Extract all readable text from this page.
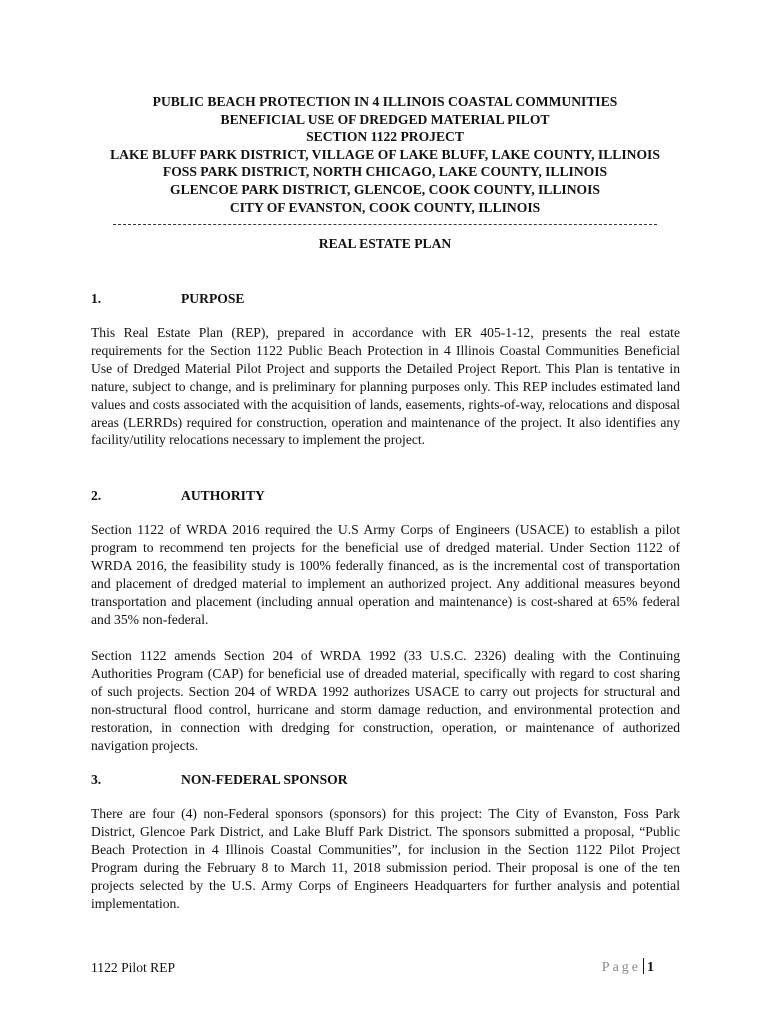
PUBLIC BEACH PROTECTION IN 4 ILLINOIS COASTAL COMMUNITIES
BENEFICIAL USE OF DREDGED MATERIAL PILOT
SECTION 1122 PROJECT
LAKE BLUFF PARK DISTRICT, VILLAGE OF LAKE BLUFF, LAKE COUNTY, ILLINOIS
FOSS PARK DISTRICT, NORTH CHICAGO, LAKE COUNTY, ILLINOIS
GLENCOE PARK DISTRICT, GLENCOE, COOK COUNTY, ILLINOIS
CITY OF EVANSTON, COOK COUNTY, ILLINOIS
REAL ESTATE PLAN
1.	PURPOSE
This Real Estate Plan (REP), prepared in accordance with ER 405-1-12, presents the real estate requirements for the Section 1122 Public Beach Protection in 4 Illinois Coastal Communities Beneficial Use of Dredged Material Pilot Project and supports the Detailed Project Report. This Plan is tentative in nature, subject to change, and is preliminary for planning purposes only. This REP includes estimated land values and costs associated with the acquisition of lands, easements, rights-of-way, relocations and disposal areas (LERRDs) required for construction, operation and maintenance of the project. It also identifies any facility/utility relocations necessary to implement the project.
2.	AUTHORITY
Section 1122 of WRDA 2016 required the U.S Army Corps of Engineers (USACE) to establish a pilot program to recommend ten projects for the beneficial use of dredged material. Under Section 1122 of WRDA 2016, the feasibility study is 100% federally financed, as is the incremental cost of transportation and placement of dredged material to implement an authorized project. Any additional measures beyond transportation and placement (including annual operation and maintenance) is cost-shared at 65% federal and 35% non-federal.
Section 1122 amends Section 204 of WRDA 1992 (33 U.S.C. 2326) dealing with the Continuing Authorities Program (CAP) for beneficial use of dreaded material, specifically with regard to cost sharing of such projects. Section 204 of WRDA 1992 authorizes USACE to carry out projects for structural and non-structural flood control, hurricane and storm damage reduction, and environmental protection and restoration, in connection with dredging for construction, operation, or maintenance of authorized navigation projects.
3.	NON-FEDERAL SPONSOR
There are four (4) non-Federal sponsors (sponsors) for this project: The City of Evanston, Foss Park District, Glencoe Park District, and Lake Bluff Park District. The sponsors submitted a proposal, “Public Beach Protection in 4 Illinois Coastal Communities”, for inclusion in the Section 1122 Pilot Project Program during the February 8 to March 11, 2018 submission period. Their proposal is one of the ten projects selected by the U.S. Army Corps of Engineers Headquarters for further analysis and potential implementation.
1122 Pilot REP	Page 1
